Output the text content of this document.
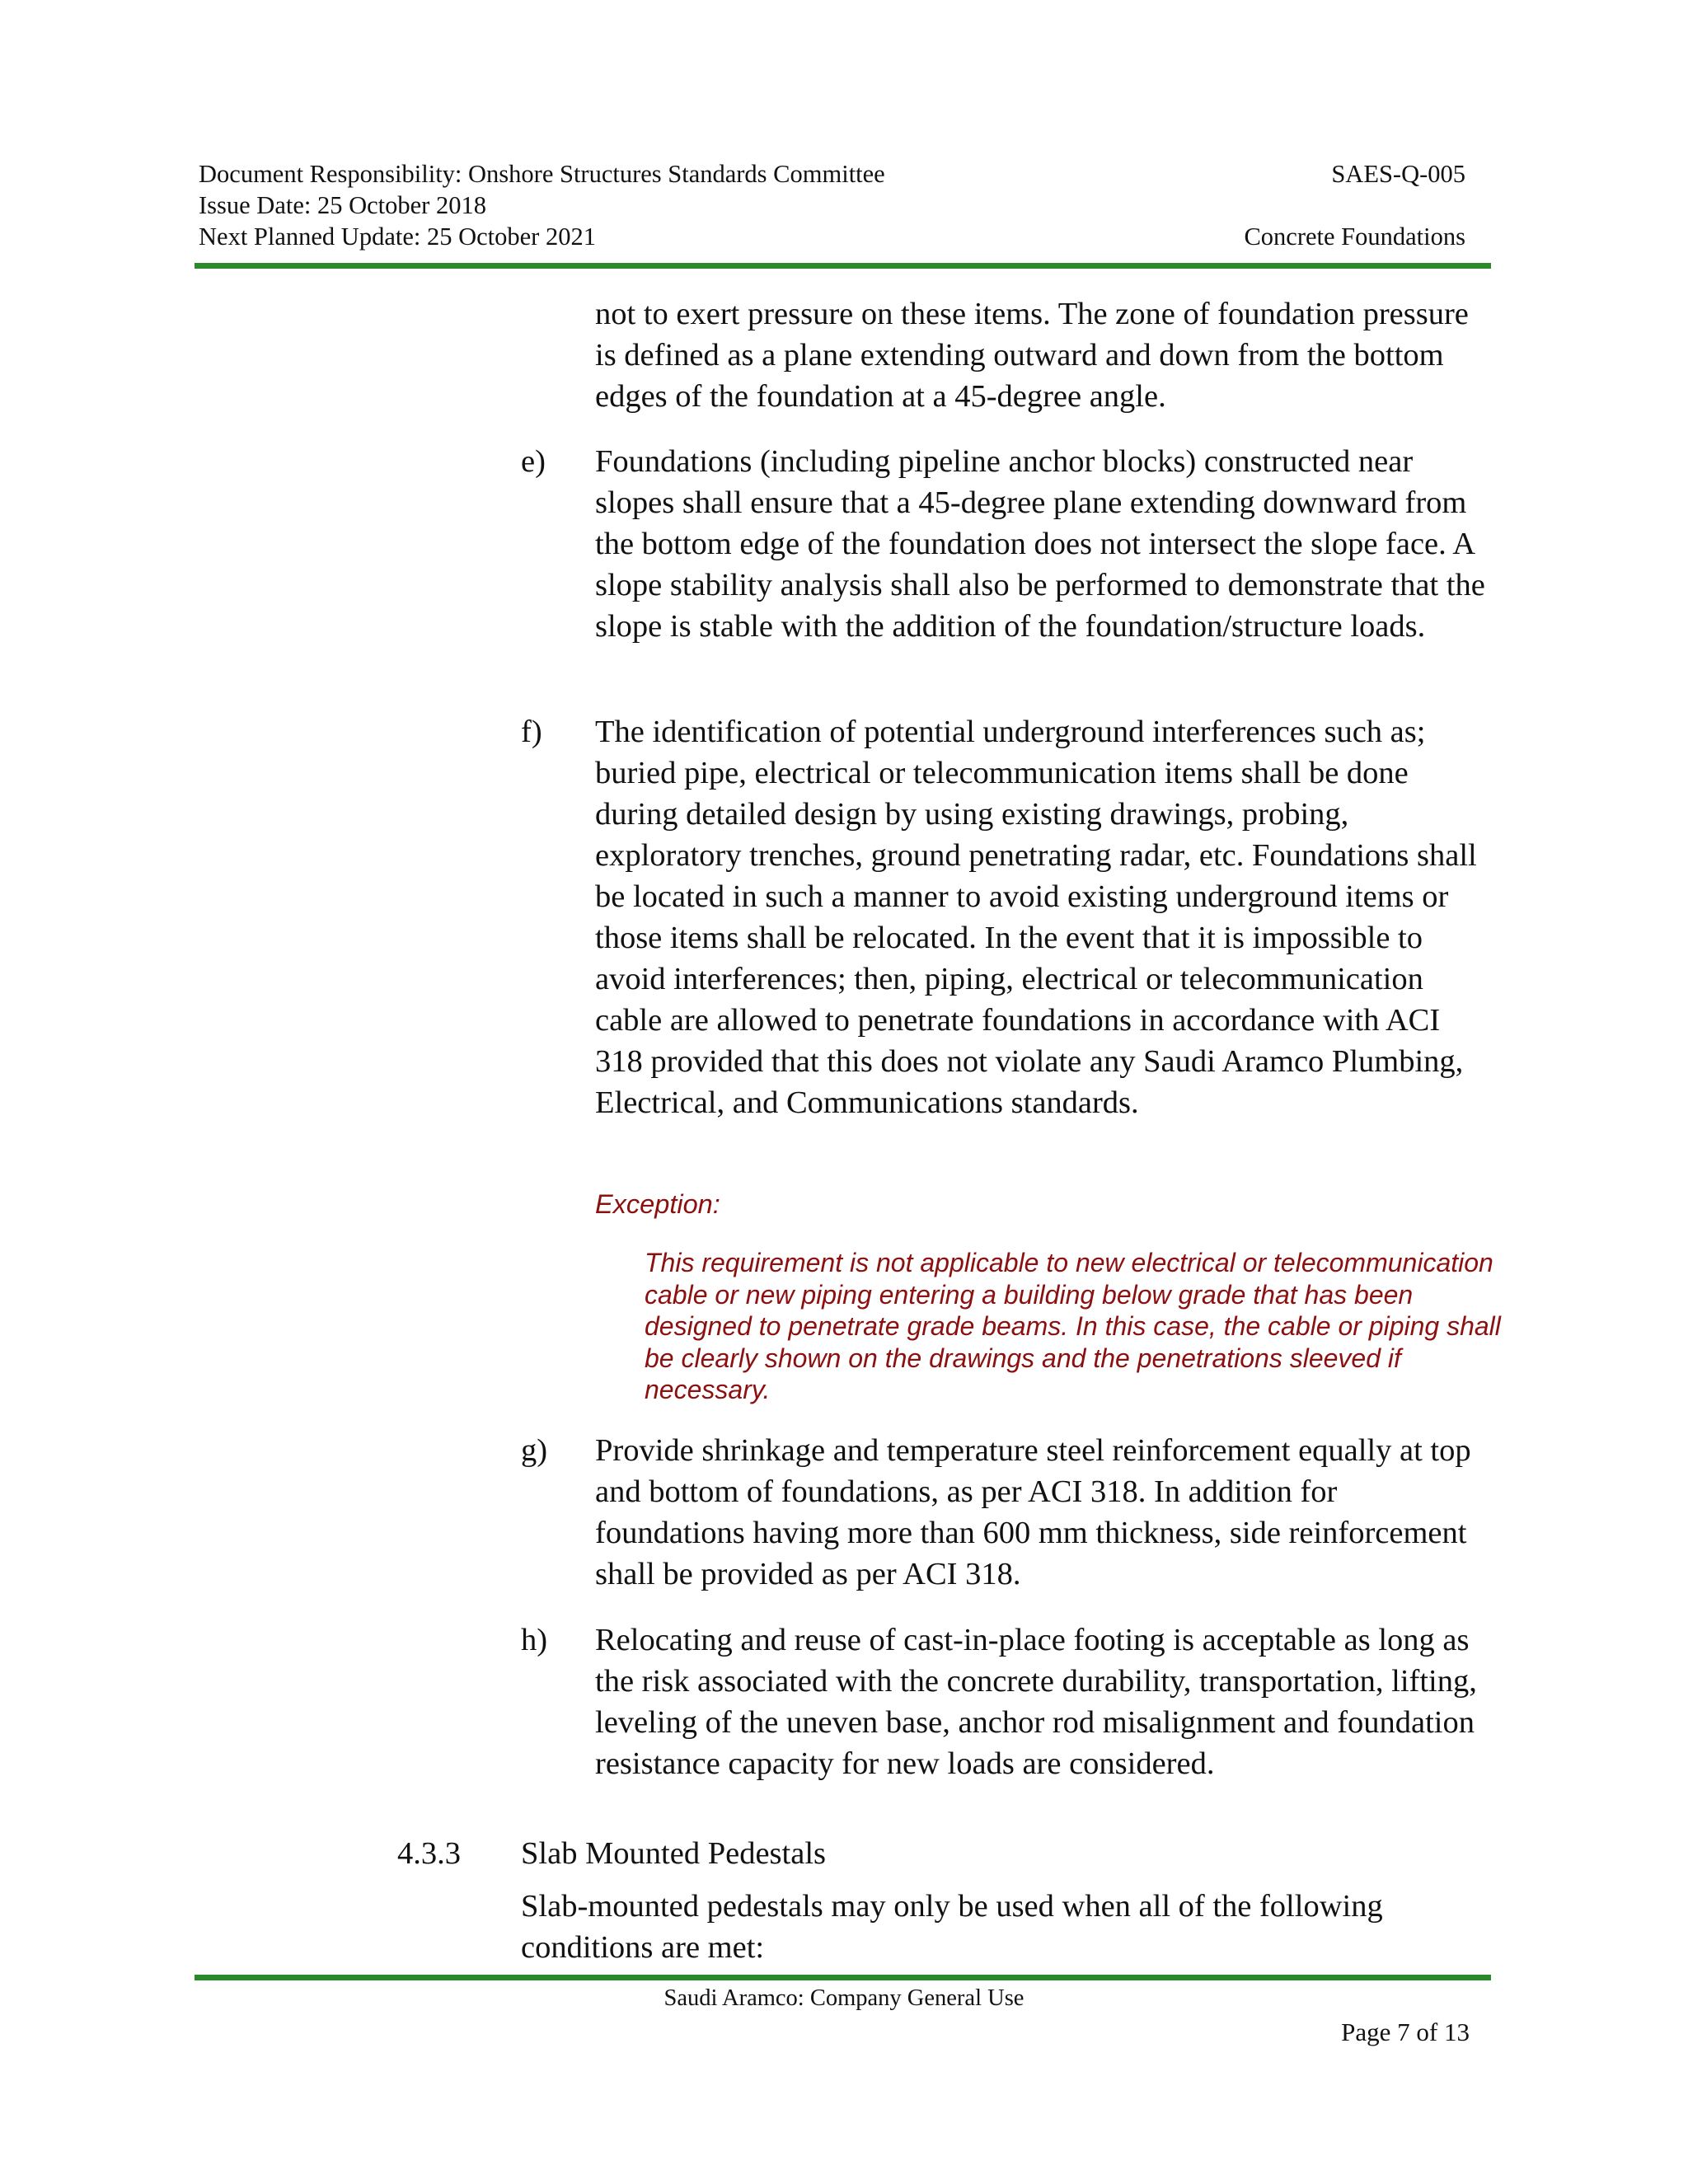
Document Responsibility: Onshore Structures Standards Committee
Issue Date: 25 October 2018
Next Planned Update: 25 October 2021
SAES-Q-005
Concrete Foundations
not to exert pressure on these items. The zone of foundation pressure is defined as a plane extending outward and down from the bottom edges of the foundation at a 45-degree angle.
e) Foundations (including pipeline anchor blocks) constructed near slopes shall ensure that a 45-degree plane extending downward from the bottom edge of the foundation does not intersect the slope face. A slope stability analysis shall also be performed to demonstrate that the slope is stable with the addition of the foundation/structure loads.
f) The identification of potential underground interferences such as; buried pipe, electrical or telecommunication items shall be done during detailed design by using existing drawings, probing, exploratory trenches, ground penetrating radar, etc. Foundations shall be located in such a manner to avoid existing underground items or those items shall be relocated. In the event that it is impossible to avoid interferences; then, piping, electrical or telecommunication cable are allowed to penetrate foundations in accordance with ACI 318 provided that this does not violate any Saudi Aramco Plumbing, Electrical, and Communications standards.
Exception:
This requirement is not applicable to new electrical or telecommunication cable or new piping entering a building below grade that has been designed to penetrate grade beams. In this case, the cable or piping shall be clearly shown on the drawings and the penetrations sleeved if necessary.
g) Provide shrinkage and temperature steel reinforcement equally at top and bottom of foundations, as per ACI 318. In addition for foundations having more than 600 mm thickness, side reinforcement shall be provided as per ACI 318.
h) Relocating and reuse of cast-in-place footing is acceptable as long as the risk associated with the concrete durability, transportation, lifting, leveling of the uneven base, anchor rod misalignment and foundation resistance capacity for new loads are considered.
4.3.3 Slab Mounted Pedestals
Slab-mounted pedestals may only be used when all of the following conditions are met:
Saudi Aramco: Company General Use
Page 7 of 13
